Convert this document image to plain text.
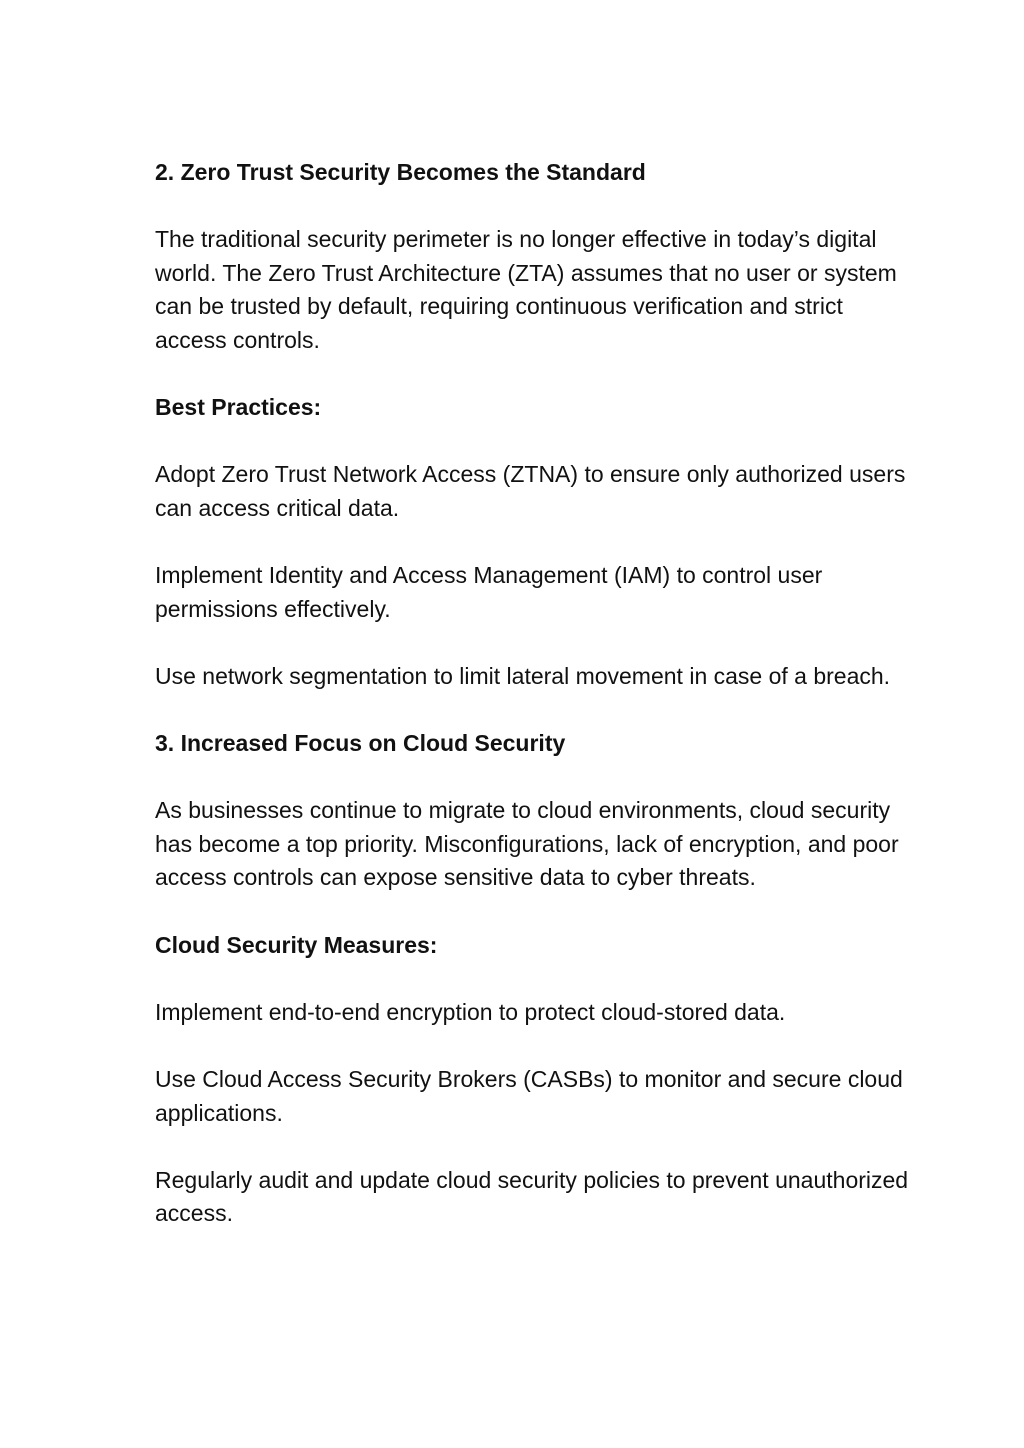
2. Zero Trust Security Becomes the Standard

The traditional security perimeter is no longer effective in today’s digital world. The Zero Trust Architecture (ZTA) assumes that no user or system can be trusted by default, requiring continuous verification and strict access controls.

Best Practices:

Adopt Zero Trust Network Access (ZTNA) to ensure only authorized users can access critical data.

Implement Identity and Access Management (IAM) to control user permissions effectively.

Use network segmentation to limit lateral movement in case of a breach.

3. Increased Focus on Cloud Security

As businesses continue to migrate to cloud environments, cloud security has become a top priority. Misconfigurations, lack of encryption, and poor access controls can expose sensitive data to cyber threats.

Cloud Security Measures:

Implement end-to-end encryption to protect cloud-stored data.

Use Cloud Access Security Brokers (CASBs) to monitor and secure cloud applications.

Regularly audit and update cloud security policies to prevent unauthorized access.
